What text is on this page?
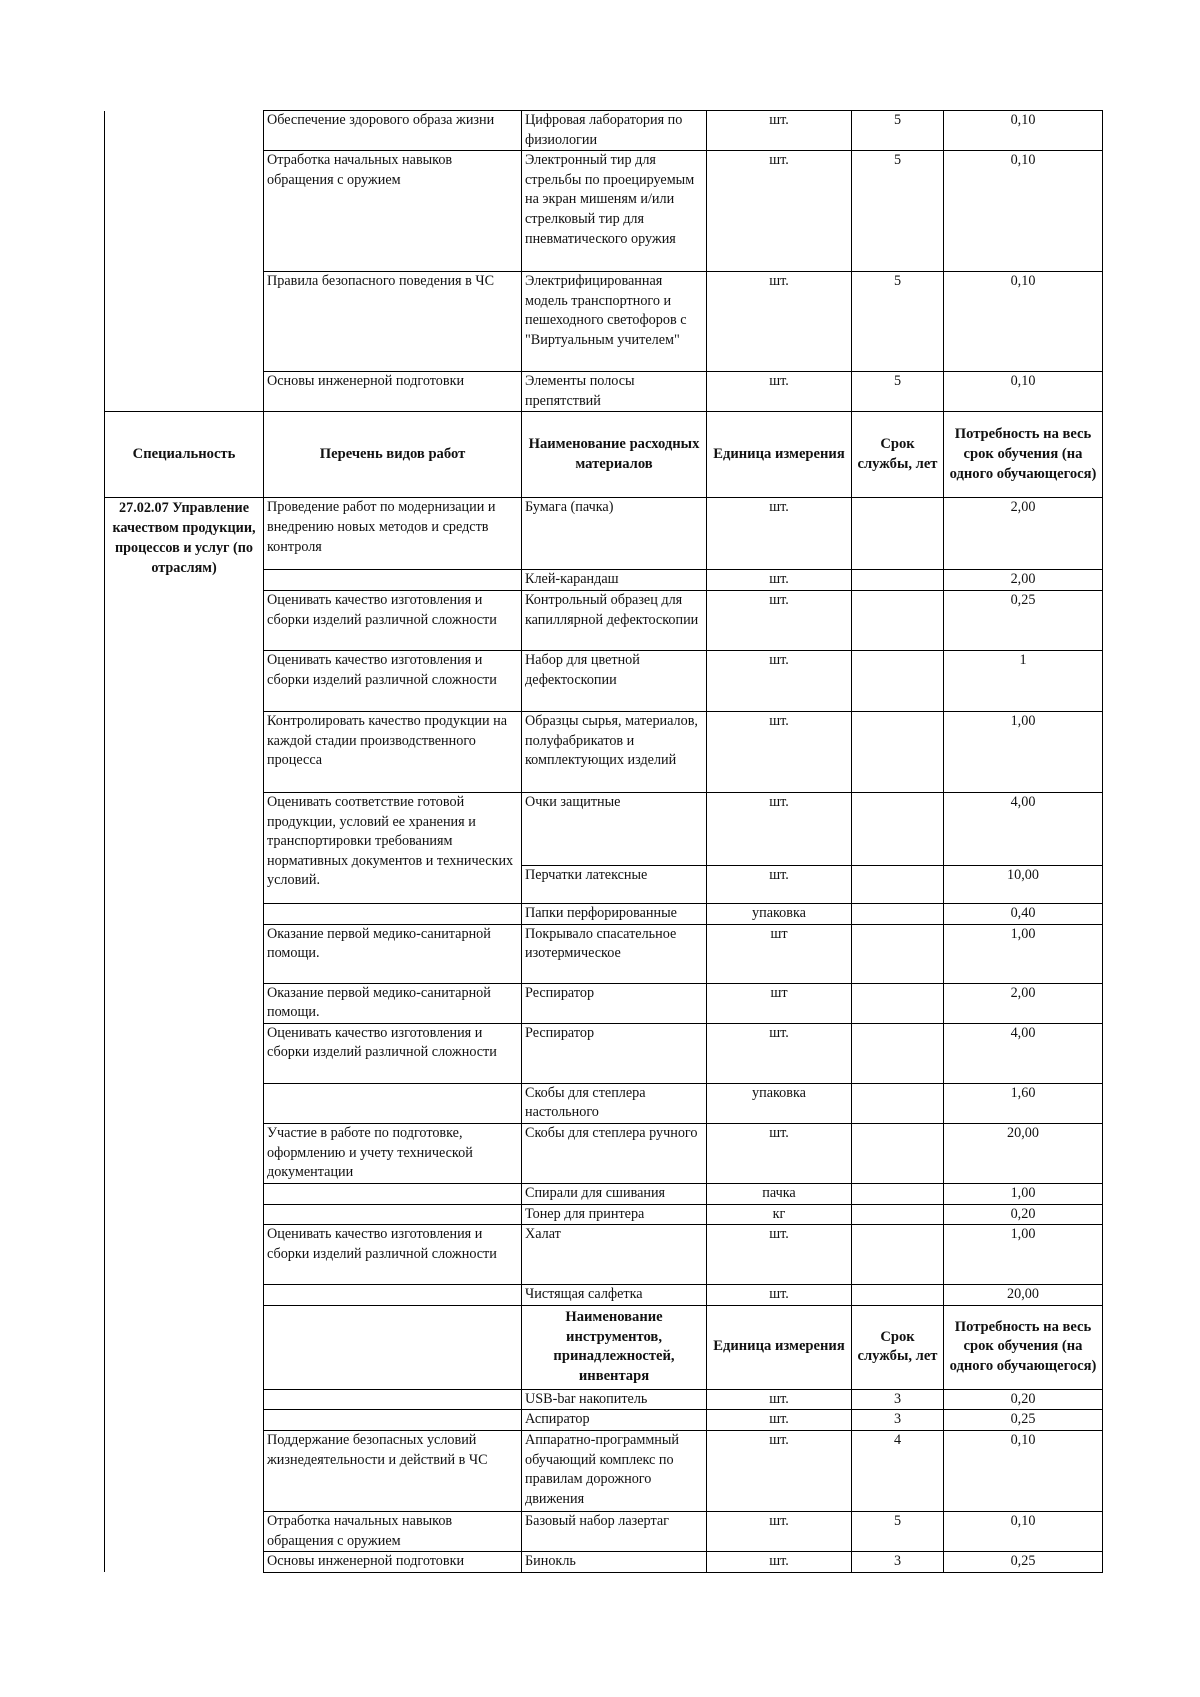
	Обеспечение здорового образа жизни	Цифровая лаборатория по физиологии	шт.	5	0,10
	Отработка начальных навыков обращения с оружием	Электронный тир для стрельбы по проецируемым на экран мишеням и/или стрелковый тир для пневматического оружия	шт.	5	0,10
	Правила безопасного поведения в ЧС	Электрифицированная модель транспортного и пешеходного светофоров с "Виртуальным учителем"	шт.	5	0,10
	Основы инженерной подготовки	Элементы полосы препятствий	шт.	5	0,10
Специальность	Перечень видов работ	Наименование расходных материалов	Единица измерения	Срок службы, лет	Потребность на весь срок обучения (на одного обучающегося)
27.02.07 Управление качеством продукции, процессов и услуг (по отраслям)	Проведение работ по модернизации и внедрению новых методов и средств контроля	Бумага (пачка)	шт.		2,00
		Клей-карандаш	шт.		2,00
	Оценивать качество изготовления и сборки изделий различной сложности	Контрольный образец для капиллярной дефектоскопии	шт.		0,25
	Оценивать качество изготовления и сборки изделий различной сложности	Набор для цветной дефектоскопии	шт.		1
	Контролировать качество продукции на каждой стадии производственного процесса	Образцы сырья, материалов, полуфабрикатов и комплектующих изделий	шт.		1,00
	Оценивать соответствие готовой продукции, условий ее хранения и транспортировки требованиям нормативных документов и технических условий.	Очки защитные	шт.		4,00
		Перчатки латексные	шт.		10,00
		Папки перфорированные	упаковка		0,40
	Оказание первой медико-санитарной помощи.	Покрывало спасательное изотермическое	шт		1,00
	Оказание первой медико-санитарной помощи.	Респиратор	шт		2,00
	Оценивать качество изготовления и сборки изделий различной сложности	Респиратор	шт.		4,00
		Скобы для степлера настольного	упаковка		1,60
	Участие в работе по подготовке, оформлению и учету технической документации	Скобы для степлера ручного	шт.		20,00
		Спирали для сшивания	пачка		1,00
		Тонер для принтера	кг		0,20
	Оценивать качество изготовления и сборки изделий различной сложности	Халат	шт.		1,00
		Чистящая салфетка	шт.		20,00
		Наименование инструментов, принадлежностей, инвентаря	Единица измерения	Срок службы, лет	Потребность на весь срок обучения (на одного обучающегося)
		USB-bar накопитель	шт.	3	0,20
		Аспиратор	шт.	3	0,25
	Поддержание безопасных условий жизнедеятельности и действий в ЧС	Аппаратно-программный обучающий комплекс по правилам дорожного движения	шт.	4	0,10
	Отработка начальных навыков обращения с оружием	Базовый набор лазертаг	шт.	5	0,10
	Основы инженерной подготовки	Бинокль	шт.	3	0,25
